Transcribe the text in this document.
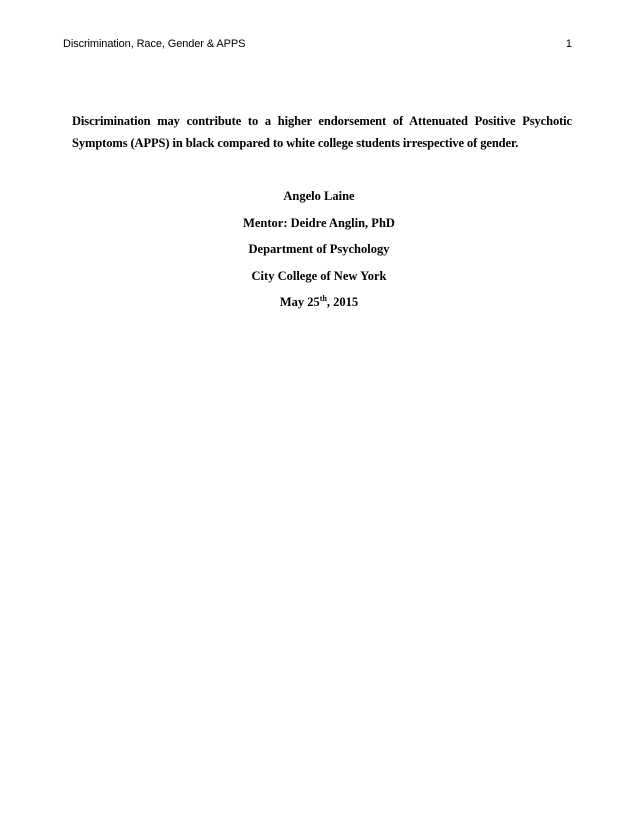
Discrimination, Race, Gender & APPS	1
Discrimination may contribute to a higher endorsement of Attenuated Positive Psychotic
Symptoms (APPS) in black compared to white college students irrespective of gender.
Angelo Laine
Mentor: Deidre Anglin, PhD
Department of Psychology
City College of New York
May 25th, 2015
